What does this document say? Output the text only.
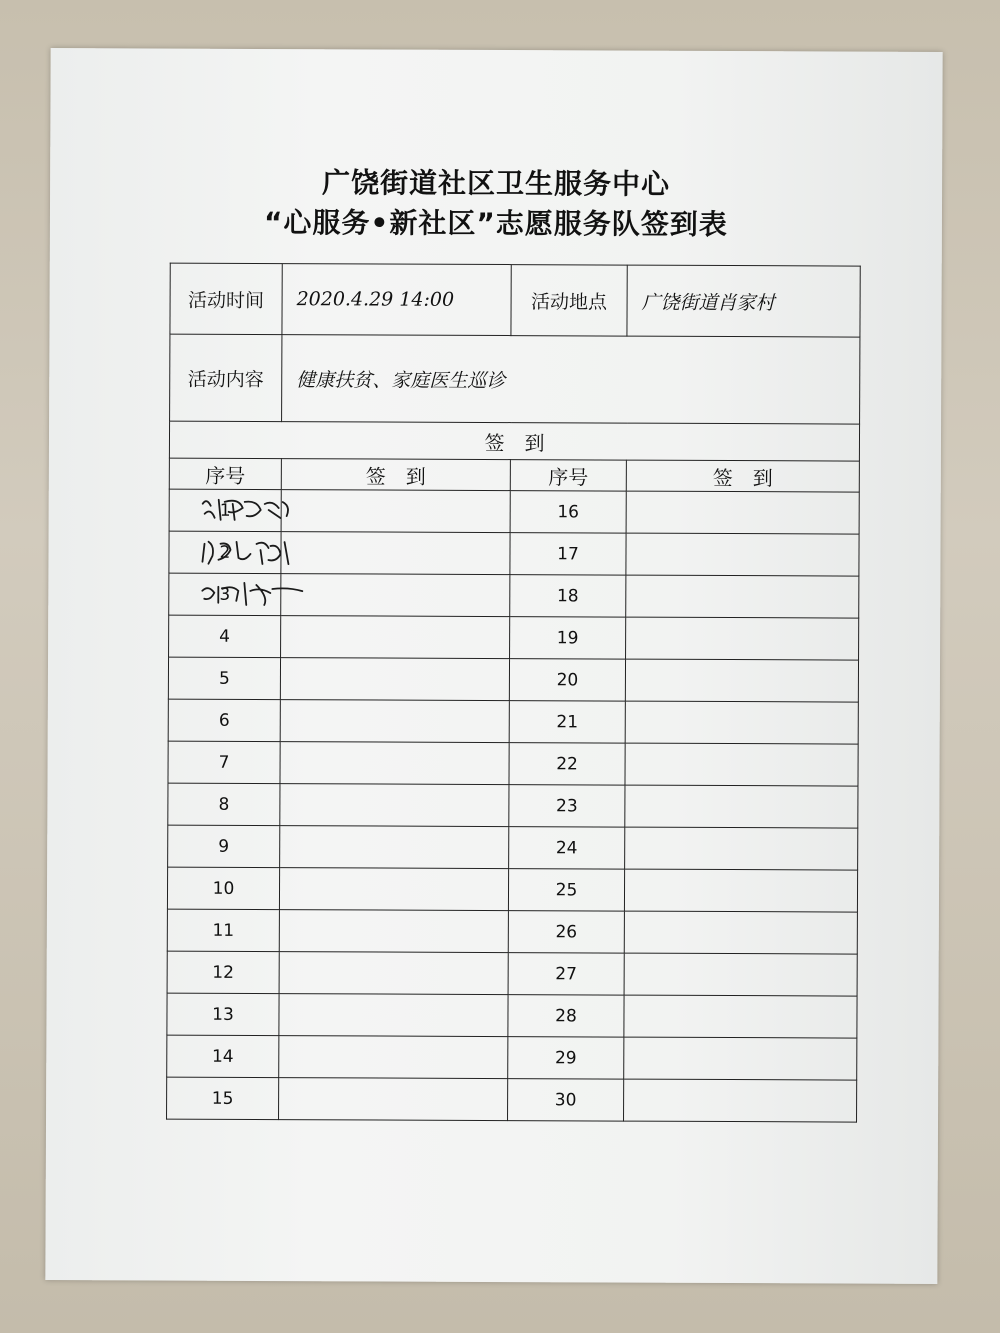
广饶街道社区卫生服务中心
“心服务•新社区”志愿服务队签到表
活动时间	2020.4.29 14:00	活动地点	广饶街道肖家村
活动内容	健康扶贫、家庭医生巡诊		
签　到			
序号	签　到	序号	签　到
1		16	
2		17	
3		18	
4		19	
5		20	
6		21	
7		22	
8		23	
9		24	
10		25	
11		26	
12		27	
13		28	
14		29	
15		30	
